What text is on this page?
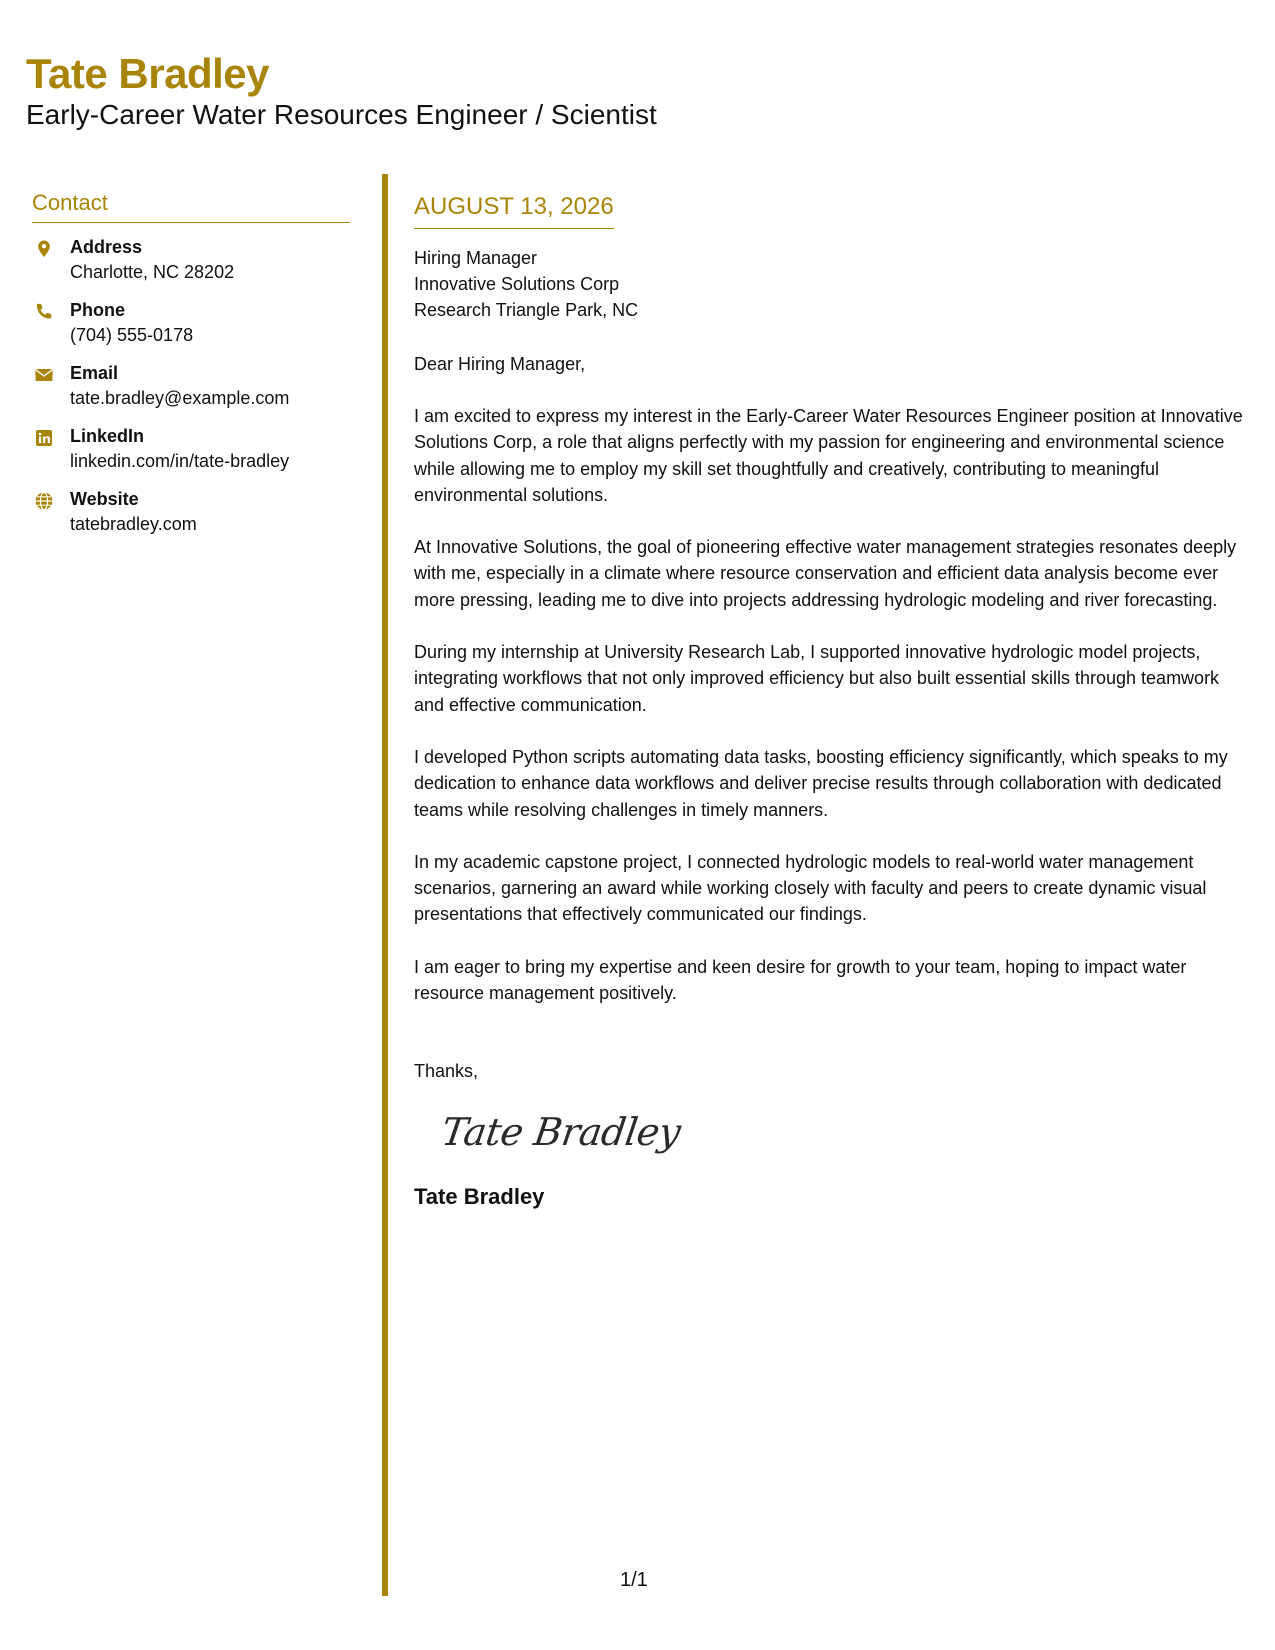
Tate Bradley
Early-Career Water Resources Engineer / Scientist
Contact
Address
Charlotte, NC 28202
Phone
(704) 555-0178
Email
tate.bradley@example.com
LinkedIn
linkedin.com/in/tate-bradley
Website
tatebradley.com
AUGUST 13, 2026
Hiring Manager
Innovative Solutions Corp
Research Triangle Park, NC
Dear Hiring Manager,
I am excited to express my interest in the Early-Career Water Resources Engineer position at Innovative Solutions Corp, a role that aligns perfectly with my passion for engineering and environmental science while allowing me to employ my skill set thoughtfully and creatively, contributing to meaningful environmental solutions.
At Innovative Solutions, the goal of pioneering effective water management strategies resonates deeply with me, especially in a climate where resource conservation and efficient data analysis become ever more pressing, leading me to dive into projects addressing hydrologic modeling and river forecasting.
During my internship at University Research Lab, I supported innovative hydrologic model projects, integrating workflows that not only improved efficiency but also built essential skills through teamwork and effective communication.
I developed Python scripts automating data tasks, boosting efficiency significantly, which speaks to my dedication to enhance data workflows and deliver precise results through collaboration with dedicated teams while resolving challenges in timely manners.
In my academic capstone project, I connected hydrologic models to real-world water management scenarios, garnering an award while working closely with faculty and peers to create dynamic visual presentations that effectively communicated our findings.
I am eager to bring my expertise and keen desire for growth to your team, hoping to impact water resource management positively.
Thanks,
Tate Bradley
Tate Bradley
1/1
